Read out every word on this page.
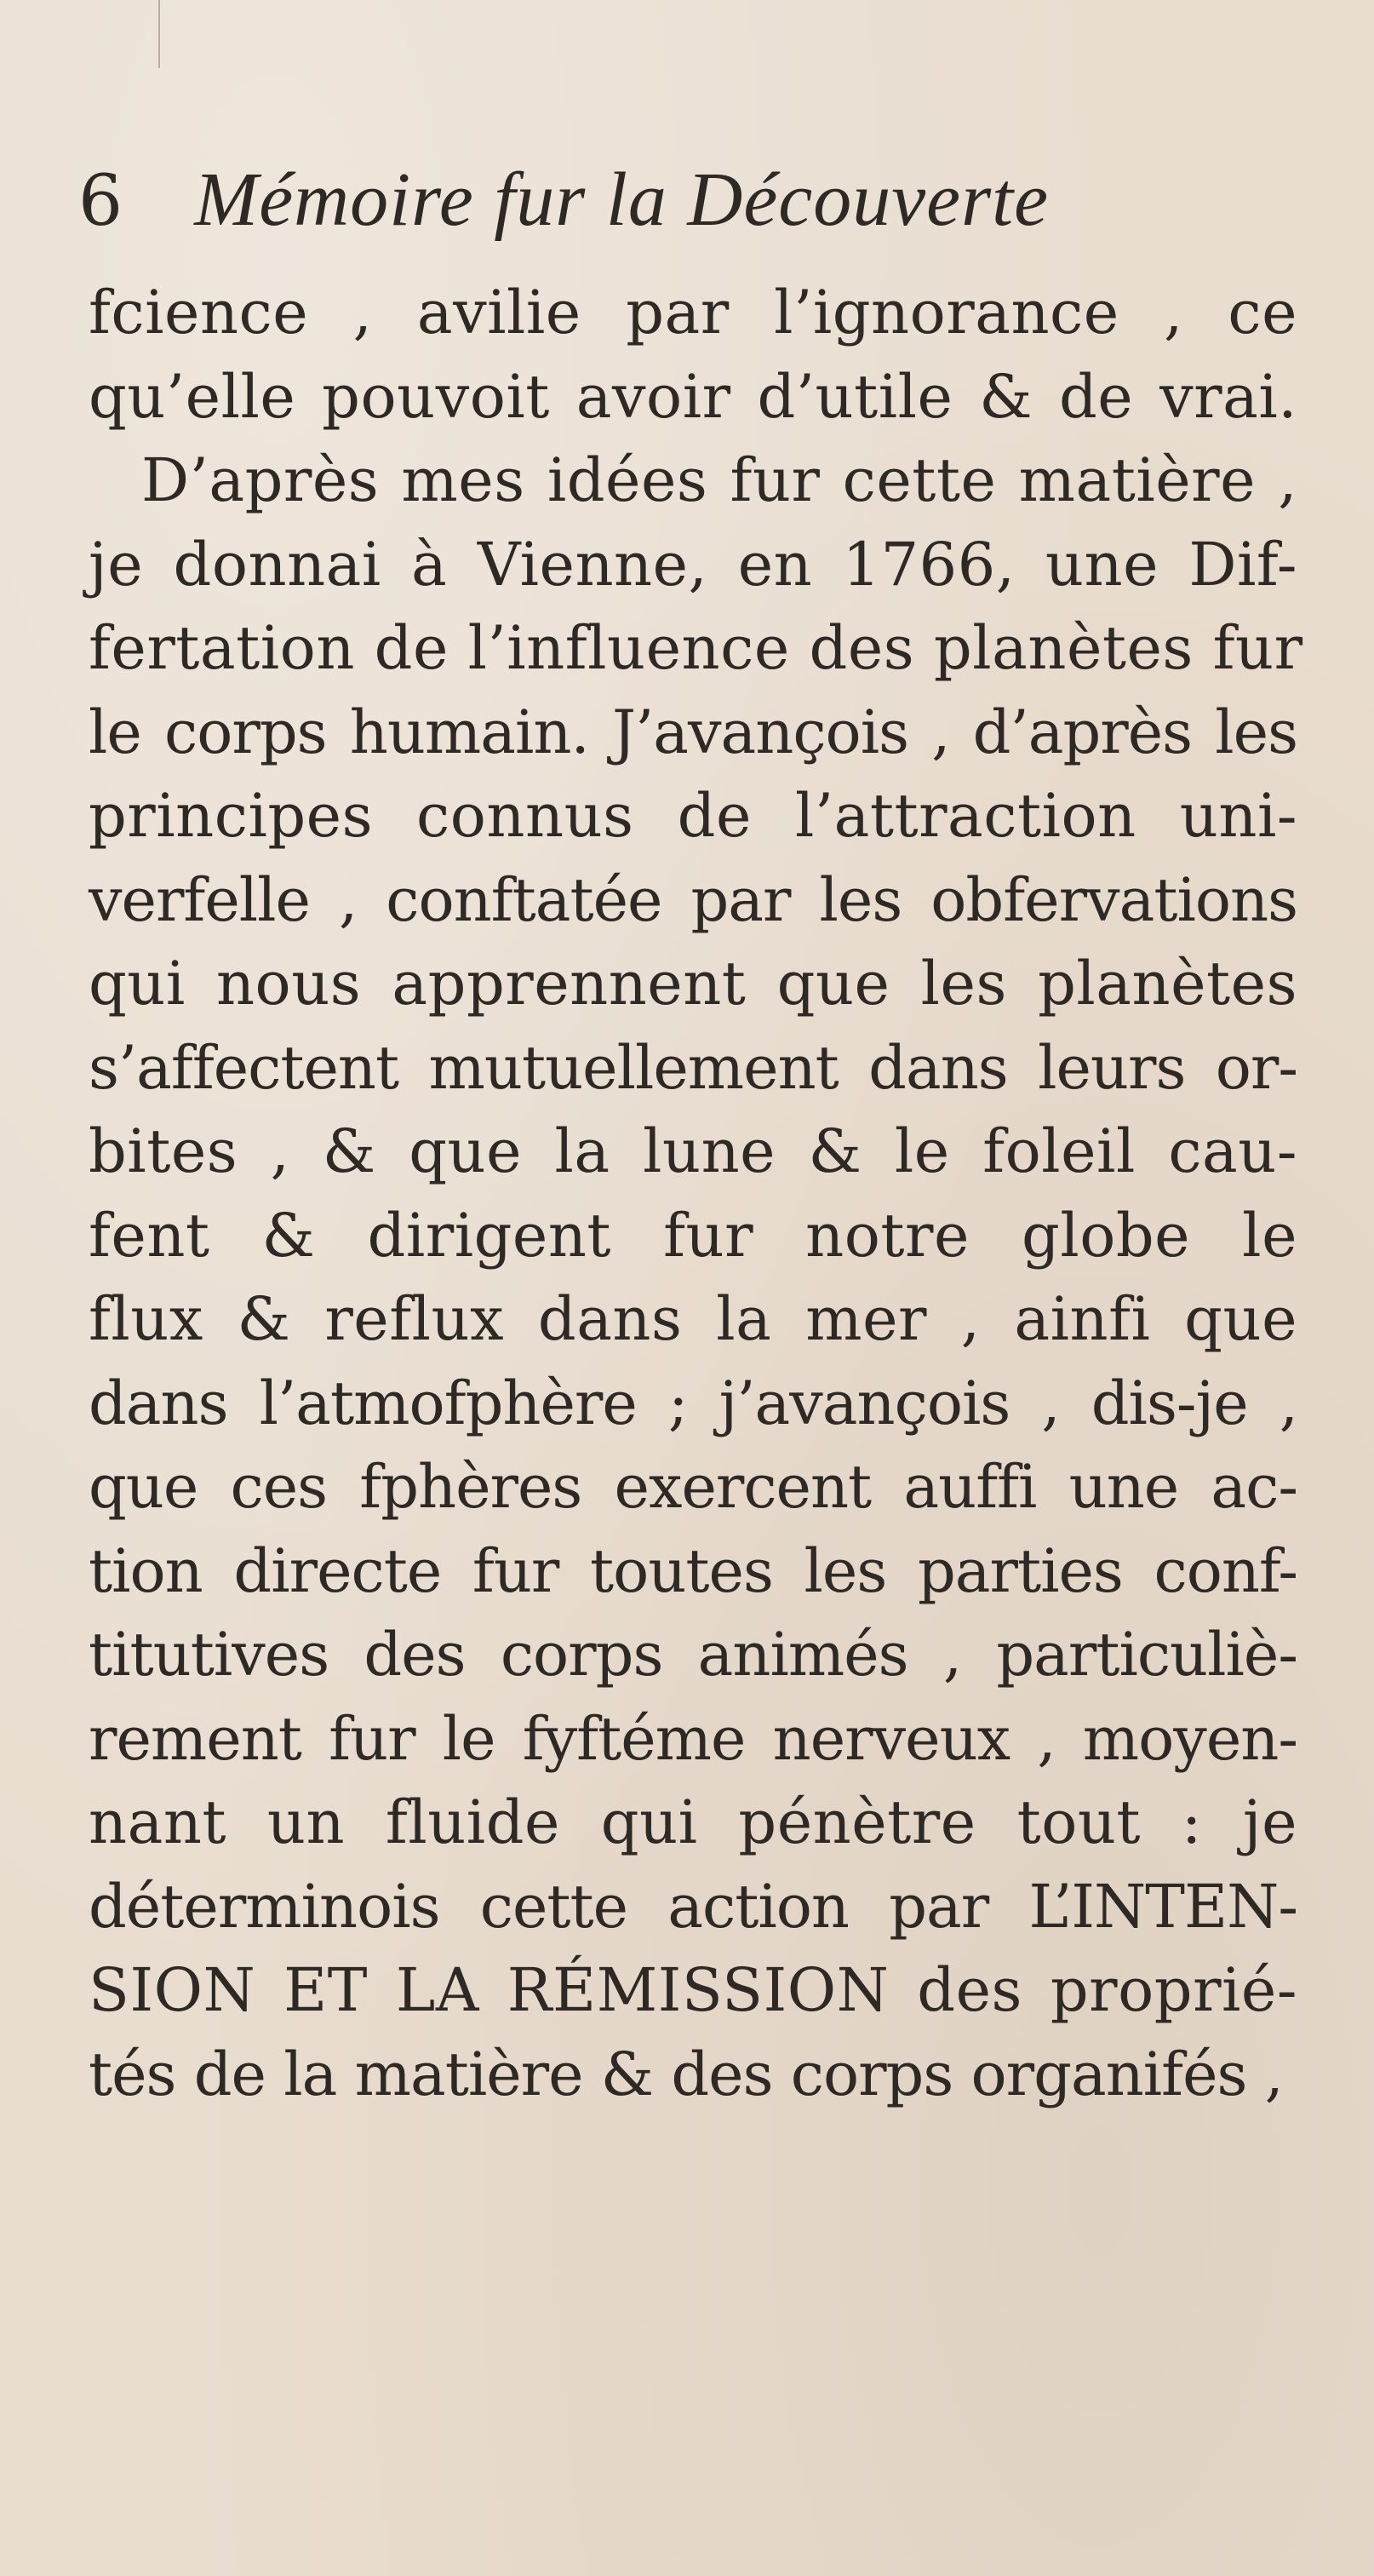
6 Mémoire fur la Découverte
fcience , avilie par l’ignorance , ce
qu’elle pouvoit avoir d’utile & de vrai.
D’après mes idées fur cette matière ,
je donnai à Vienne, en 1766, une Dif-
fertation de l’influence des planètes fur
le corps humain. J’avançois , d’après les
principes connus de l’attraction uni-
verfelle , conftatée par les obfervations
qui nous apprennent que les planètes
s’affectent mutuellement dans leurs or-
bites , & que la lune & le foleil cau-
fent & dirigent fur notre globe le
flux & reflux dans la mer , ainfi que
dans l’atmofphère ; j’avançois , dis-je ,
que ces fphères exercent auffi une ac-
tion directe fur toutes les parties conf-
titutives des corps animés , particuliè-
rement fur le fyftéme nerveux , moyen-
nant un fluide qui pénètre tout : je
déterminois cette action par L’INTEN-
SION ET LA RÉMISSION des proprié-
tés de la matière & des corps organifés ,
